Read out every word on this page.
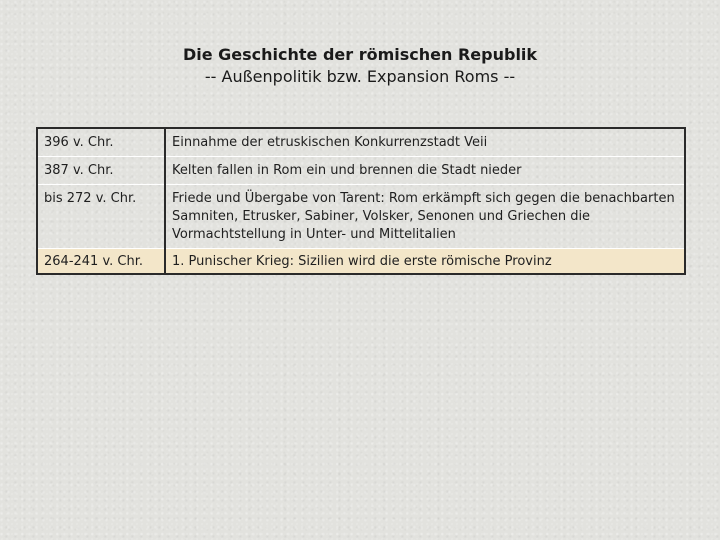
Die Geschichte der römischen Republik
-- Außenpolitik bzw. Expansion Roms --
396 v. Chr.	Einnahme der etruskischen Konkurrenzstadt Veii
387 v. Chr.	Kelten fallen in Rom ein und brennen die Stadt nieder
bis 272 v. Chr.	Friede und Übergabe von Tarent: Rom erkämpft sich gegen die benachbarten Samniten, Etrusker, Sabiner, Volsker, Senonen und Griechen die Vormachtstellung in Unter- und Mittelitalien
264-241 v. Chr.	1. Punischer Krieg: Sizilien wird die erste römische Provinz
